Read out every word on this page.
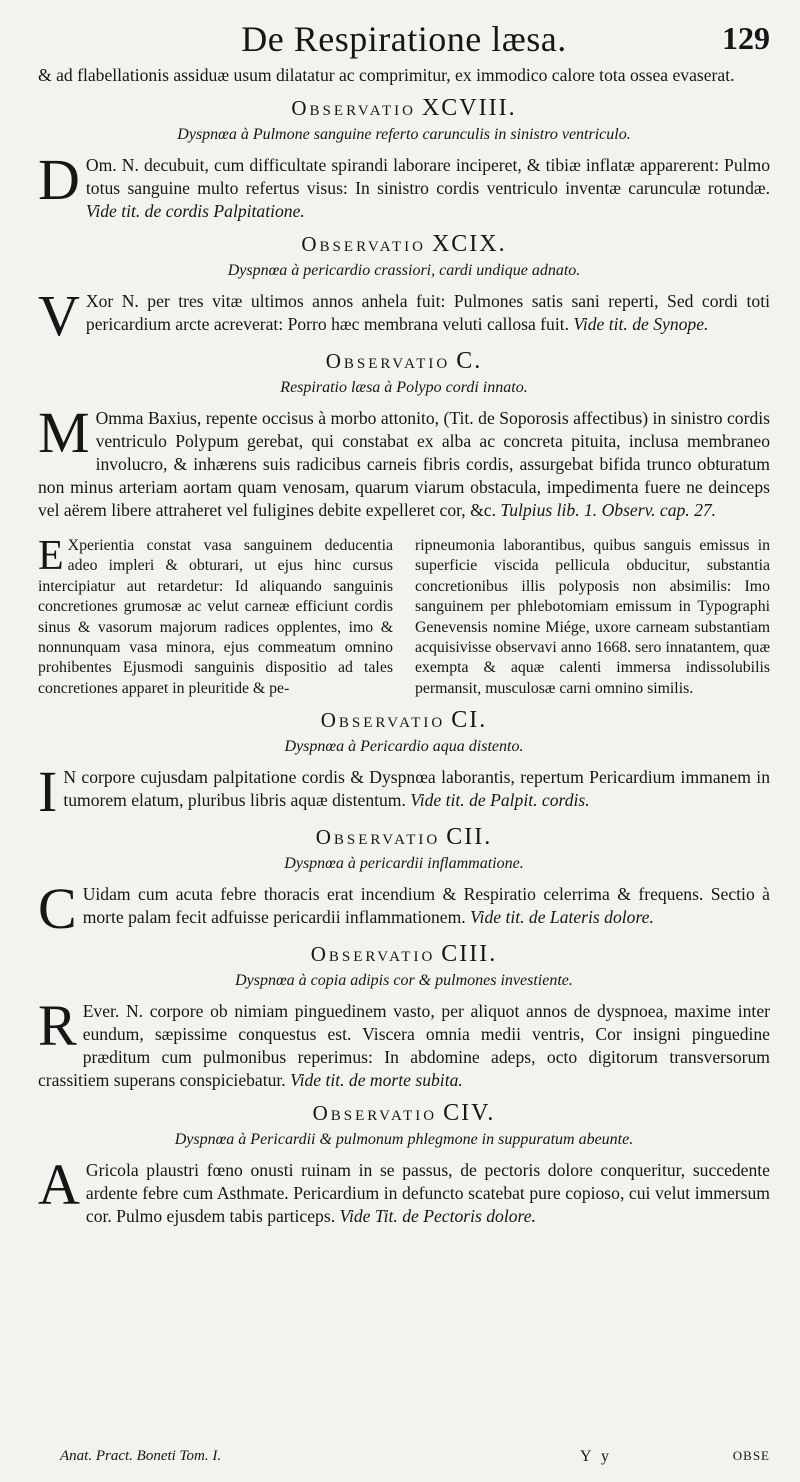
De Respiratione læsa.	129

& ad flabellationis assiduæ usum dilatatur ac comprimitur, ex immodico calore tota ossea evaserat.

Observatio XCVIII.
Dyspnœa à Pulmone sanguine referto carunculis in sinistro ventriculo.
D Om. N. decubuit, cum difficultate spirandi laborare inciperet, & tibiæ inflatæ apparerent: Pulmo totus sanguine multo refertus visus: In sinistro cordis ventriculo inventæ carunculæ rotundæ. Vide tit. de cordis Palpitatione.

Observatio XCIX.
Dyspnœa à pericardio crassiori, cardi undique adnato.
V Xor N. per tres vitæ ultimos annos anhela fuit: Pulmones satis sani reperti, Sed cordi toti pericardium arcte acreverat: Porro hæc membrana veluti callosa fuit. Vide tit. de Synope.

Observatio C.
Respiratio læsa à Polypo cordi innato.
M Omma Baxius, repente occisus à morbo attonito, (Tit. de Soporosis affectibus) in sinistro cordis ventriculo Polypum gerebat, qui constabat ex alba ac concreta pituita, inclusa membraneo involucro, & inhærens suis radicibus carneis fibris cordis, assurgebat bifida trunco obturatum non minus arteriam aortam quam venosam, quarum viarum obstacula, impedimenta fuere ne deinceps vel aërem libere attraheret vel fuligines debite expelleret cor, &c. Tulpius lib. 1. Observ. cap. 27.

E Xperientia constat vasa sanguinem deducentia adeo impleri & obturari, ut ejus hinc cursus intercipiatur aut retardetur: Id aliquando sanguinis concretiones grumosæ ac velut carneæ efficiunt cordis sinus & vasorum majorum radices opplentes, imo & nonnunquam vasa minora, ejus commeatum omnino prohibentes Ejusmodi sanguinis dispositio ad tales concretiones apparet in pleuritide & pe-

ripneumonia laborantibus, quibus sanguis emissus in superficie viscida pellicula obducitur, substantia concretionibus illis polyposis non absimilis: Imo sanguinem per phlebotomiam emissum in Typographi Genevensis nomine Miége, uxore carneam substantiam acquisivisse observavi anno 1668. sero innatantem, quæ exempta & aquæ calenti immersa indissolubilis permansit, musculosæ carni omnino similis.

Observatio CI.
Dyspnœa à Pericardio aqua distento.
I N corpore cujusdam palpitatione cordis & Dyspnœa laborantis, repertum Pericardium immanem in tumorem elatum, pluribus libris aquæ distentum. Vide tit. de Palpit. cordis.

Observatio CII.
Dyspnœa à pericardii inflammatione.
C Uidam cum acuta febre thoracis erat incendium & Respiratio celerrima & frequens. Sectio à morte palam fecit adfuisse pericardii inflammationem. Vide tit. de Lateris dolore.

Observatio CIII.
Dyspnœa à copia adipis cor & pulmones investiente.
R Ever. N. corpore ob nimiam pinguedinem vasto, per aliquot annos de dyspnoea, maxime inter eundum, sæpissime conquestus est. Viscera omnia medii ventris, Cor insigni pinguedine præditum cum pulmonibus reperimus: In abdomine adeps, octo digitorum transversorum crassitiem superans conspiciebatur. Vide tit. de morte subita.

Observatio CIV.
Dyspnœa à Pericardii & pulmonum phlegmone in suppuratum abeunte.
A Gricola plaustri fœno onusti ruinam in se passus, de pectoris dolore conqueritur, succedente ardente febre cum Asthmate. Pericardium in defuncto scatebat pure copioso, cui velut immersum cor. Pulmo ejusdem tabis particeps. Vide Tit. de Pectoris dolore.

Anat. Pract. Boneti Tom. I.	Y y	OBSE
